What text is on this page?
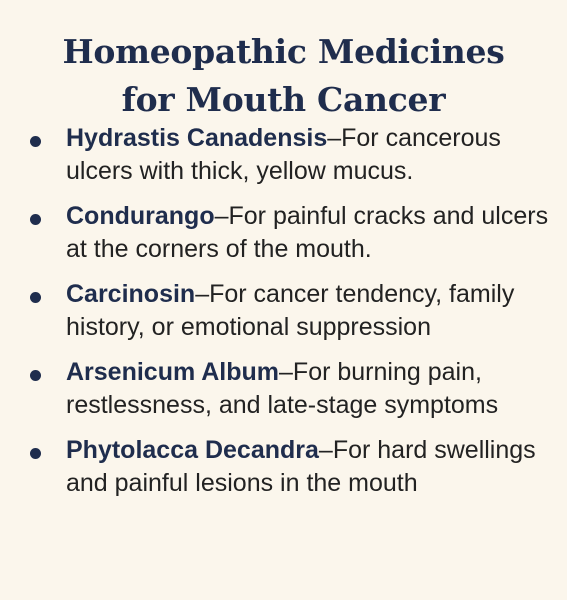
Homeopathic Medicines
for Mouth Cancer
Hydrastis Canadensis–For cancerous ulcers with thick, yellow mucus.
Condurango–For painful cracks and ulcers at the corners of the mouth.
Carcinosin–For cancer tendency, family history, or emotional suppression
Arsenicum Album–For burning pain, restlessness, and late-stage symptoms
Phytolacca Decandra–For hard swellings and painful lesions in the mouth
